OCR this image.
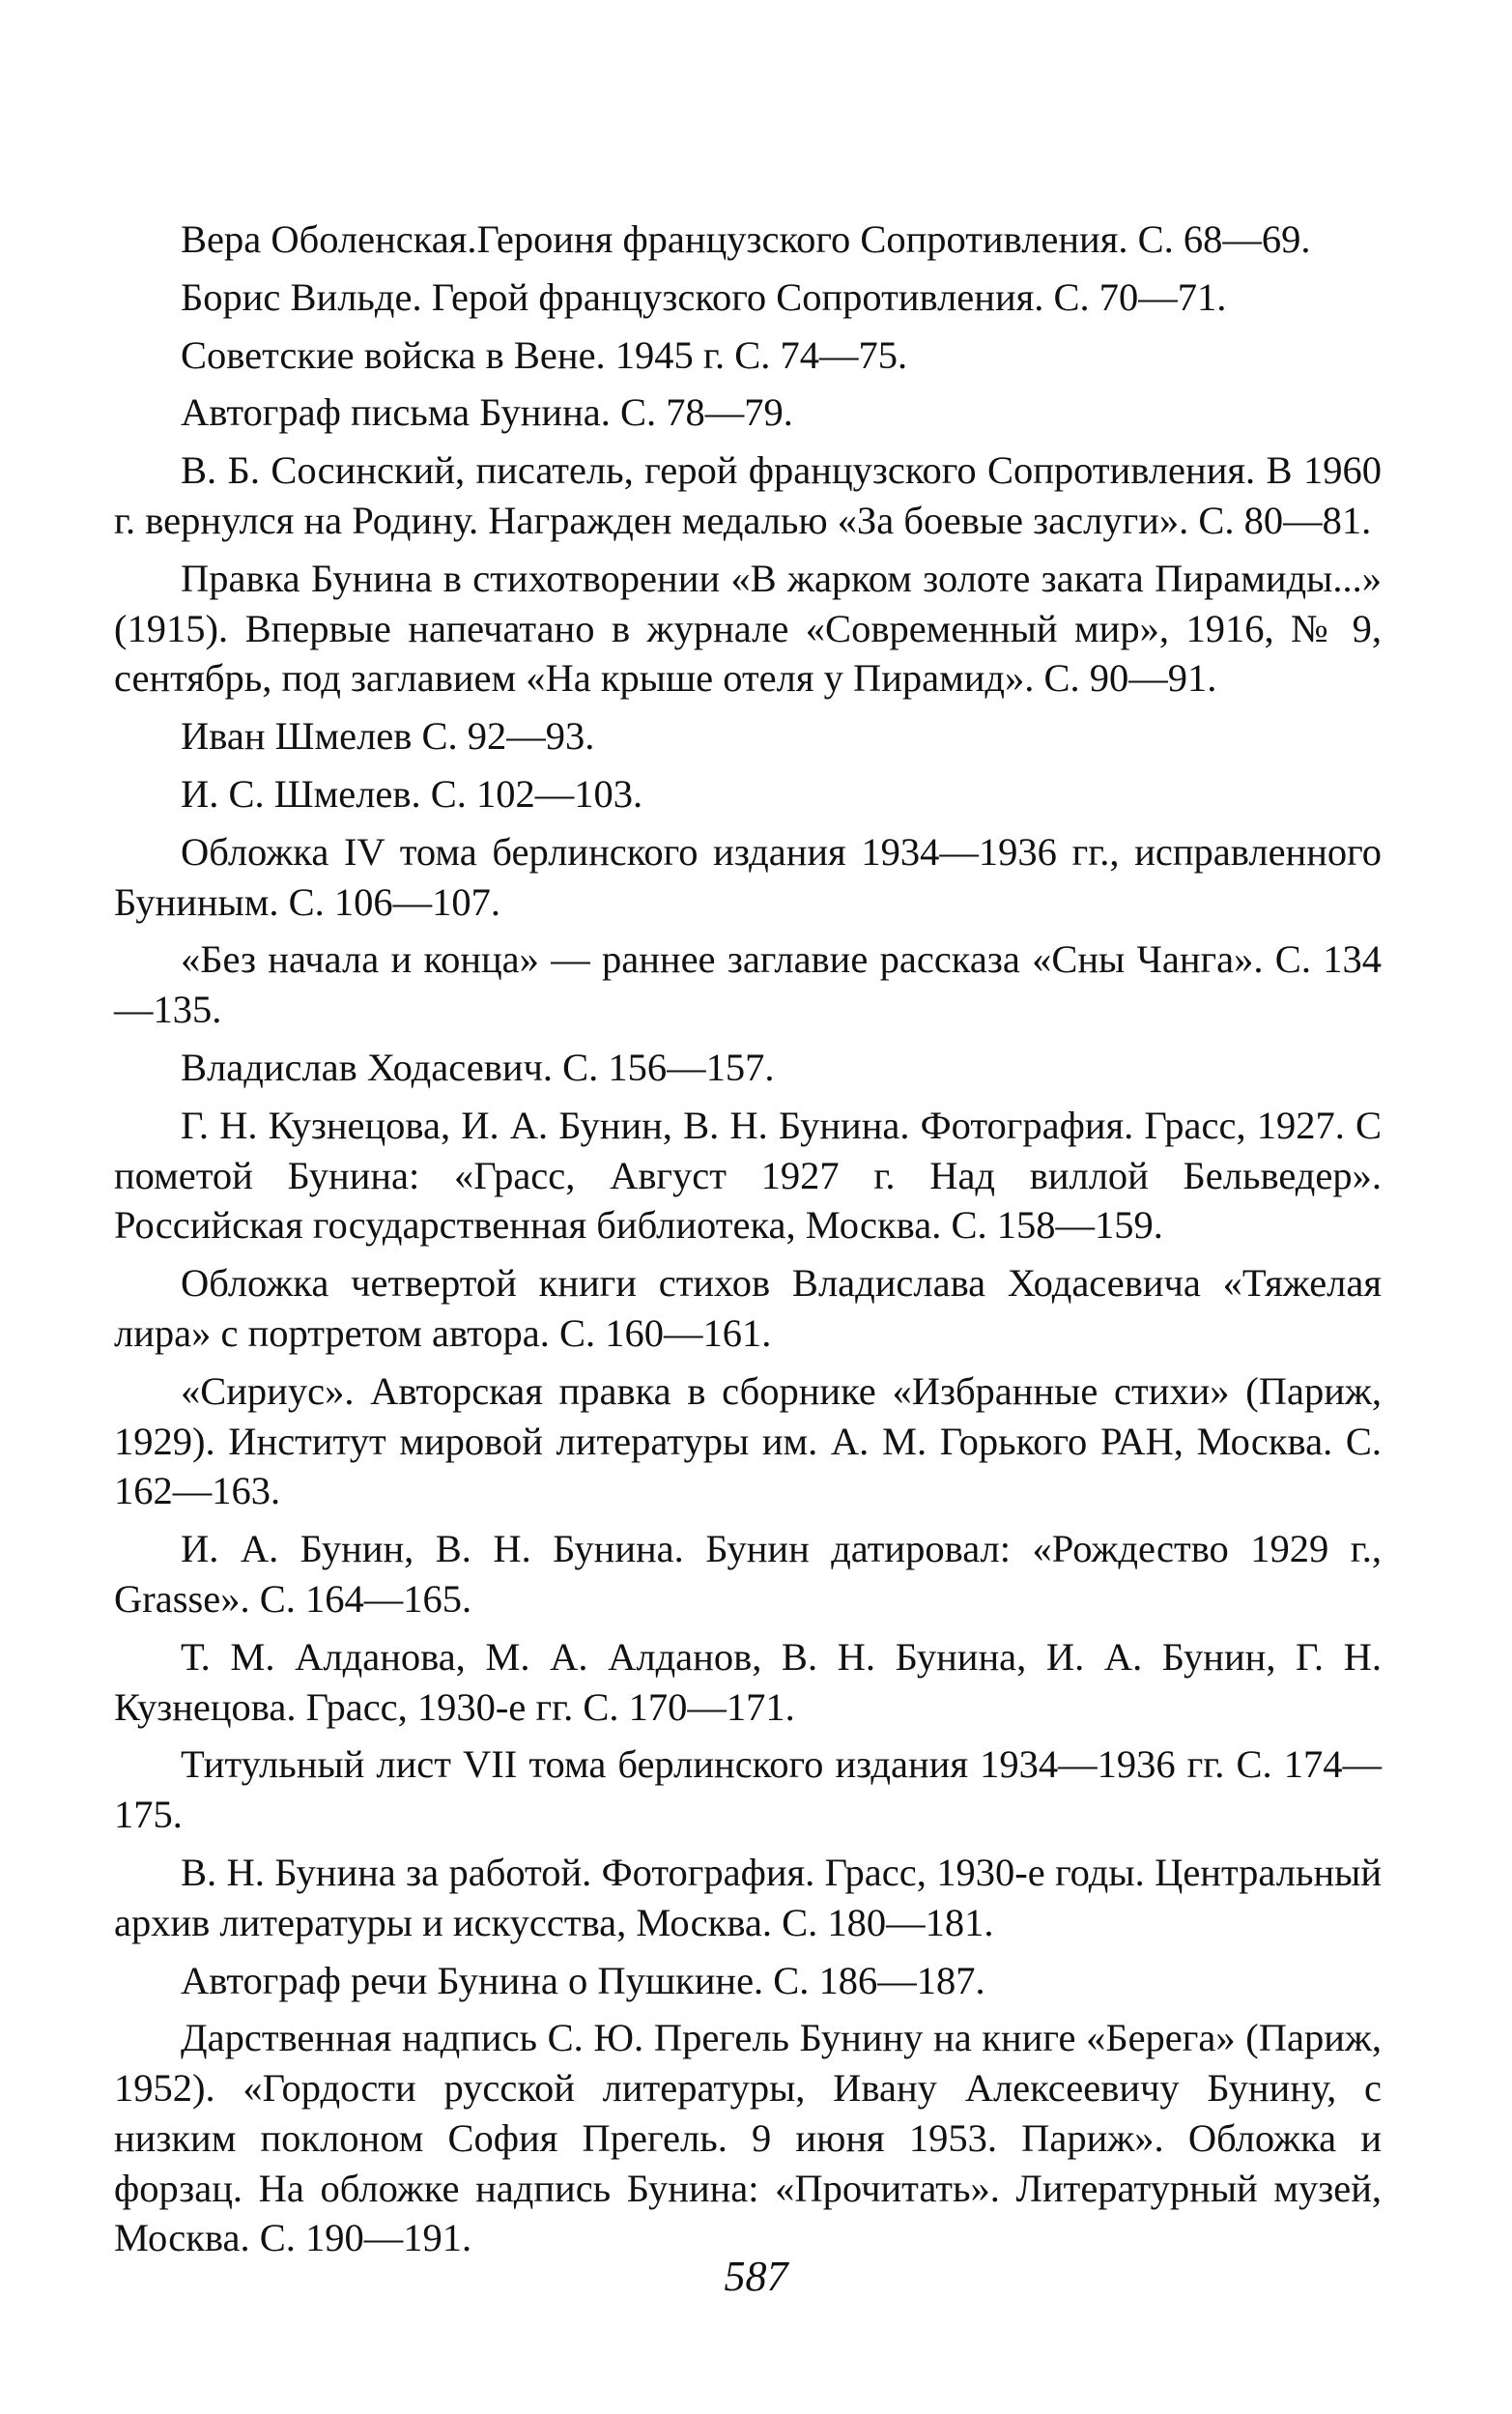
Вера Оболенская.Героиня французского Сопротивления. С. 68—69.

Борис Вильде. Герой французского Сопротивления. С. 70—71.

Советские войска в Вене. 1945 г. С. 74—75.

Автограф письма Бунина. С. 78—79.

В. Б. Сосинский, писатель, герой французского Сопротивления. В 1960 г. вернулся на Родину. Награжден медалью «За боевые заслуги». С. 80—81.

Правка Бунина в стихотворении «В жарком золоте заката Пирамиды...» (1915). Впервые напечатано в журнале «Современный мир», 1916, № 9, сентябрь, под заглавием «На крыше отеля у Пирамид». С. 90—91.

Иван Шмелев С. 92—93.

И. С. Шмелев. С. 102—103.

Обложка IV тома берлинского издания 1934—1936 гг., исправленного Буниным. С. 106—107.

«Без начала и конца» — раннее заглавие рассказа «Сны Чанга». С. 134—135.

Владислав Ходасевич. С. 156—157.

Г. Н. Кузнецова, И. А. Бунин, В. Н. Бунина. Фотография. Грасс, 1927. С пометой Бунина: «Грасс, Август 1927 г. Над виллой Бельведер». Российская государственная библиотека, Москва. С. 158—159.

Обложка четвертой книги стихов Владислава Ходасевича «Тяжелая лира» с портретом автора. С. 160—161.

«Сириус». Авторская правка в сборнике «Избранные стихи» (Париж, 1929). Институт мировой литературы им. А. М. Горького РАН, Москва. С. 162—163.

И. А. Бунин, В. Н. Бунина. Бунин датировал: «Рождество 1929 г., Grasse». С. 164—165.

Т. М. Алданова, М. А. Алданов, В. Н. Бунина, И. А. Бунин, Г. Н. Кузнецова. Грасс, 1930-е гг. С. 170—171.

Титульный лист VII тома берлинского издания 1934—1936 гг. С. 174—175.

В. Н. Бунина за работой. Фотография. Грасс, 1930-е годы. Центральный архив литературы и искусства, Москва. С. 180—181.

Автограф речи Бунина о Пушкине. С. 186—187.

Дарственная надпись С. Ю. Прегель Бунину на книге «Берега» (Париж, 1952). «Гордости русской литературы, Ивану Алексеевичу Бунину, с низким поклоном София Прегель. 9 июня 1953. Париж». Обложка и форзац. На обложке надпись Бунина: «Прочитать». Литературный музей, Москва. С. 190—191.

587
